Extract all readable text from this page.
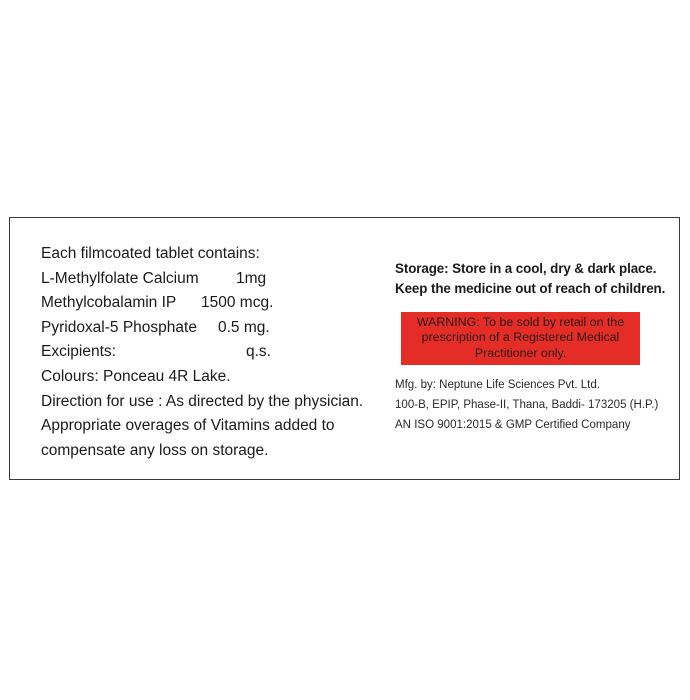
Each filmcoated tablet contains:
L-Methylfolate Calcium 1mg
Methylcobalamin IP 1500 mcg.
Pyridoxal-5 Phosphate 0.5 mg.
Excipients:	q.s.
Colours: Ponceau 4R Lake.
Direction for use : As directed by the physician.
Appropriate overages of Vitamins added to
compensate any loss on storage.
Storage: Store in a cool, dry & dark place.
Keep the medicine out of reach of children.
WARNING: To be sold by retail on the
prescription of a Registered Medical
Practitioner only.
Mfg. by: Neptune Life Sciences Pvt. Ltd.
100-B, EPIP, Phase-II, Thana, Baddi- 173205 (H.P.)
AN ISO 9001:2015 & GMP Certified Company
